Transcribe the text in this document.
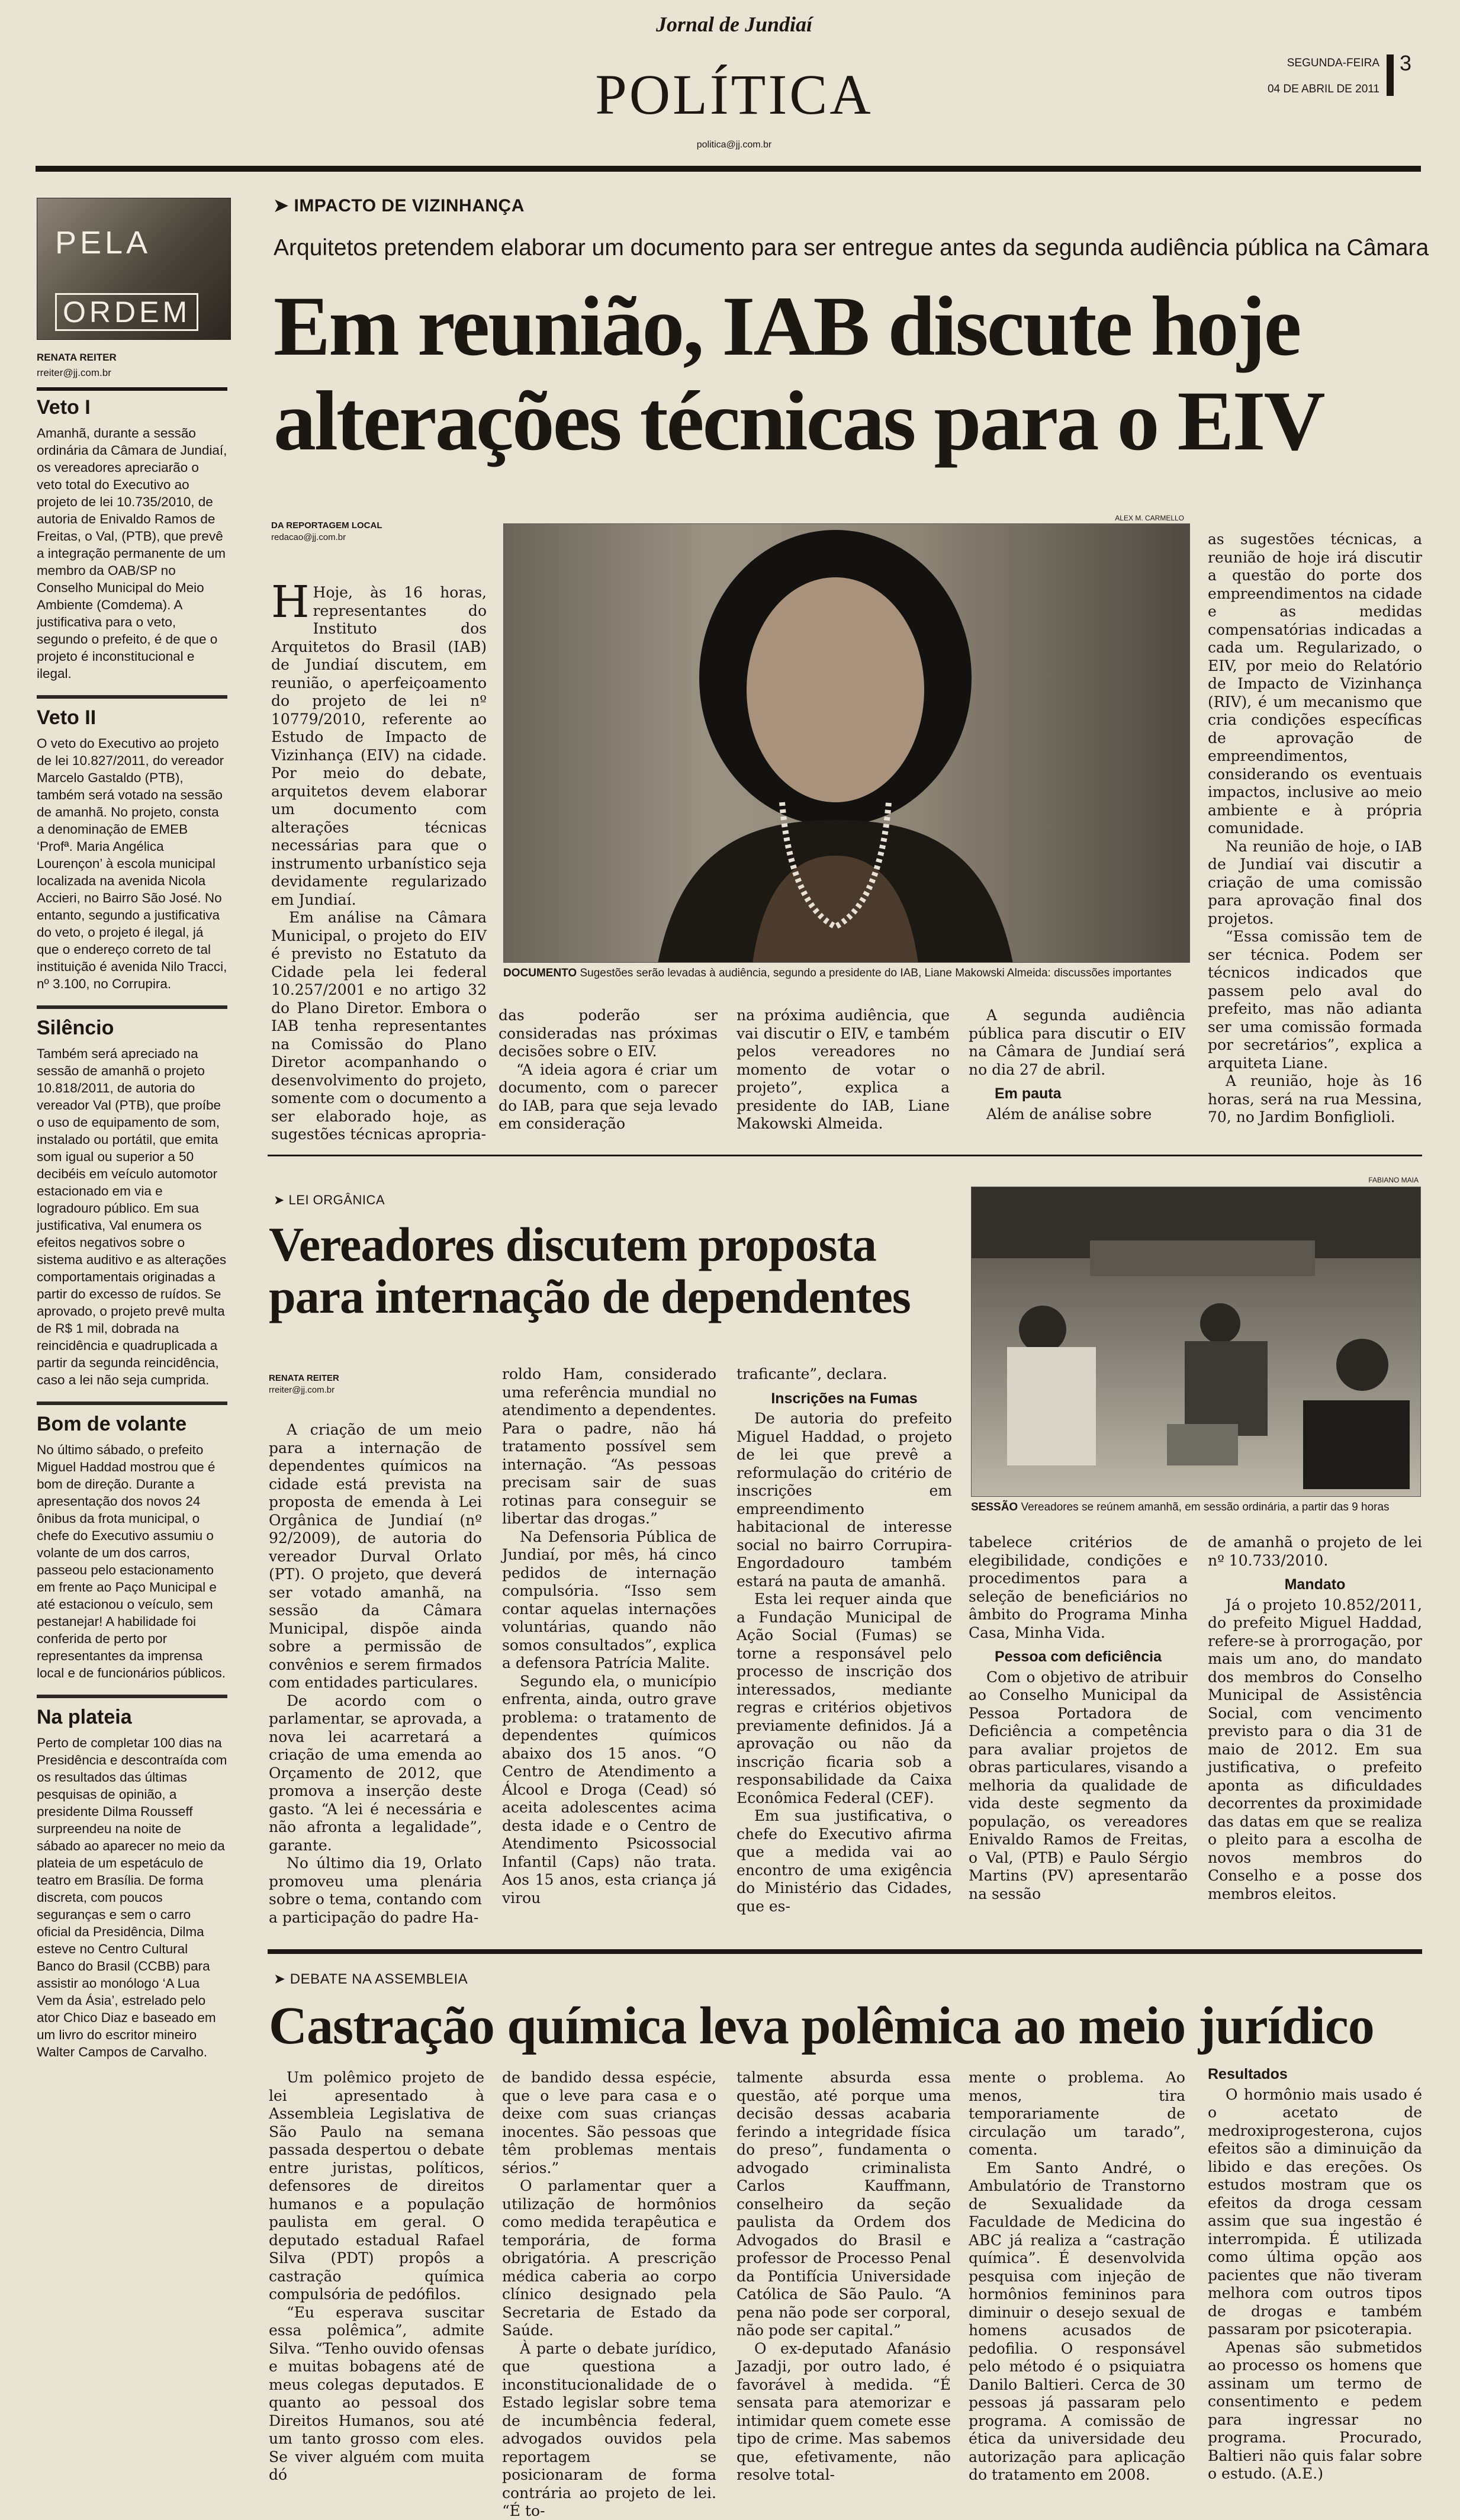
Jornal de Jundiaí
POLÍTICA
politica@jj.com.br
SEGUNDA-FEIRA
04 DE ABRIL DE 2011
3
PELA
ORDEM
RENATA REITER
rreiter@jj.com.br
Veto I
Amanhã, durante a sessão ordinária da Câmara de Jundiaí, os vereadores apreciarão o veto total do Executivo ao projeto de lei 10.735/2010, de autoria de Enivaldo Ramos de Freitas, o Val, (PTB), que prevê a integração permanente de um membro da OAB/SP no Conselho Municipal do Meio Ambiente (Comdema). A justificativa para o veto, segundo o prefeito, é de que o projeto é inconstitucional e ilegal.
Veto II
O veto do Executivo ao projeto de lei 10.827/2011, do vereador Marcelo Gastaldo (PTB), também será votado na sessão de amanhã. No projeto, consta a denominação de EMEB ‘Profª. Maria Angélica Lourençon’ à escola municipal localizada na avenida Nicola Accieri, no Bairro São José. No entanto, segundo a justificativa do veto, o projeto é ilegal, já que o endereço correto de tal instituição é avenida Nilo Tracci, nº 3.100, no Corrupira.
Silêncio
Também será apreciado na sessão de amanhã o projeto 10.818/2011, de autoria do vereador Val (PTB), que proíbe o uso de equipamento de som, instalado ou portátil, que emita som igual ou superior a 50 decibéis em veículo automotor estacionado em via e logradouro público. Em sua justificativa, Val enumera os efeitos negativos sobre o sistema auditivo e as alterações comportamentais originadas a partir do excesso de ruídos. Se aprovado, o projeto prevê multa de R$ 1 mil, dobrada na reincidência e quadruplicada a partir da segunda reincidência, caso a lei não seja cumprida.
Bom de volante
No último sábado, o prefeito Miguel Haddad mostrou que é bom de direção. Durante a apresentação dos novos 24 ônibus da frota municipal, o chefe do Executivo assumiu o volante de um dos carros, passeou pelo estacionamento em frente ao Paço Municipal e até estacionou o veículo, sem pestanejar! A habilidade foi conferida de perto por representantes da imprensa local e de funcionários públicos.
Na plateia
Perto de completar 100 dias na Presidência e descontraída com os resultados das últimas pesquisas de opinião, a presidente Dilma Rousseff surpreendeu na noite de sábado ao aparecer no meio da plateia de um espetáculo de teatro em Brasília. De forma discreta, com poucos seguranças e sem o carro oficial da Presidência, Dilma esteve no Centro Cultural Banco do Brasil (CCBB) para assistir ao monólogo ‘A Lua Vem da Ásia’, estrelado pelo ator Chico Diaz e baseado em um livro do escritor mineiro Walter Campos de Carvalho.
➤ IMPACTO DE VIZINHANÇA
Arquitetos pretendem elaborar um documento para ser entregue antes da segunda audiência pública na Câmara
Em reunião, IAB discute hoje
alterações técnicas para o EIV
DA REPORTAGEM LOCAL
redacao@jj.com.br
ALEX M. CARMELLO
DOCUMENTO Sugestões serão levadas à audiência, segundo a presidente do IAB, Liane Makowski Almeida: discussões importantes
H Hoje, às 16 horas, representantes do Instituto dos Arquitetos do Brasil (IAB) de Jundiaí discutem, em reunião, o aperfeiçoamento do projeto de lei nº 10779/2010, referente ao Estudo de Impacto de Vizinhança (EIV) na cidade. Por meio do debate, arquitetos devem elaborar um documento com alterações técnicas necessárias para que o instrumento urbanístico seja devidamente regularizado em Jundiaí.
Em análise na Câmara Municipal, o projeto do EIV é previsto no Estatuto da Cidade pela lei federal 10.257/2001 e no artigo 32 do Plano Diretor. Embora o IAB tenha representantes na Comissão do Plano Diretor acompanhando o desenvolvimento do projeto, somente com o documento a ser elaborado hoje, as sugestões técnicas apropria-
das poderão ser consideradas nas próximas decisões sobre o EIV.
“A ideia agora é criar um documento, com o parecer do IAB, para que seja levado em consideração
na próxima audiência, que vai discutir o EIV, e também pelos vereadores no momento de votar o projeto”, explica a presidente do IAB, Liane Makowski Almeida.
A segunda audiência pública para discutir o EIV na Câmara de Jundiaí será no dia 27 de abril.
Em pauta
Além de análise sobre
as sugestões técnicas, a reunião de hoje irá discutir a questão do porte dos empreendimentos na cidade e as medidas compensatórias indicadas a cada um. Regularizado, o EIV, por meio do Relatório de Impacto de Vizinhança (RIV), é um mecanismo que cria condições específicas de aprovação de empreendimentos, considerando os eventuais impactos, inclusive ao meio ambiente e à própria comunidade.
Na reunião de hoje, o IAB de Jundiaí vai discutir a criação de uma comissão para aprovação final dos projetos.
“Essa comissão tem de ser técnica. Podem ser técnicos indicados que passem pelo aval do prefeito, mas não adianta ser uma comissão formada por secretários”, explica a arquiteta Liane.
A reunião, hoje às 16 horas, será na rua Messina, 70, no Jardim Bonfiglioli.
➤ LEI ORGÂNICA
Vereadores discutem proposta
para internação de dependentes
RENATA REITER
rreiter@jj.com.br
FABIANO MAIA
SESSÃO Vereadores se reúnem amanhã, em sessão ordinária, a partir das 9 horas
A criação de um meio para a internação de dependentes químicos na cidade está prevista na proposta de emenda à Lei Orgânica de Jundiaí (nº 92/2009), de autoria do vereador Durval Orlato (PT). O projeto, que deverá ser votado amanhã, na sessão da Câmara Municipal, dispõe ainda sobre a permissão de convênios e serem firmados com entidades particulares.
De acordo com o parlamentar, se aprovada, a nova lei acarretará a criação de uma emenda ao Orçamento de 2012, que promova a inserção deste gasto. “A lei é necessária e não afronta a legalidade”, garante.
No último dia 19, Orlato promoveu uma plenária sobre o tema, contando com a participação do padre Ha-
roldo Ham, considerado uma referência mundial no atendimento a dependentes. Para o padre, não há tratamento possível sem internação. “As pessoas precisam sair de suas rotinas para conseguir se libertar das drogas.”
Na Defensoria Pública de Jundiaí, por mês, há cinco pedidos de internação compulsória. “Isso sem contar aquelas internações voluntárias, quando não somos consultados”, explica a defensora Patrícia Malite.
Segundo ela, o município enfrenta, ainda, outro grave problema: o tratamento de dependentes químicos abaixo dos 15 anos. “O Centro de Atendimento a Álcool e Droga (Cead) só aceita adolescentes acima desta idade e o Centro de Atendimento Psicossocial Infantil (Caps) não trata. Aos 15 anos, esta criança já virou
traficante”, declara.
Inscrições na Fumas
De autoria do prefeito Miguel Haddad, o projeto de lei que prevê a reformulação do critério de inscrições em empreendimento habitacional de interesse social no bairro Corrupira-Engordadouro também estará na pauta de amanhã.
Esta lei requer ainda que a Fundação Municipal de Ação Social (Fumas) se torne a responsável pelo processo de inscrição dos interessados, mediante regras e critérios objetivos previamente definidos. Já a aprovação ou não da inscrição ficaria sob a responsabilidade da Caixa Econômica Federal (CEF).
Em sua justificativa, o chefe do Executivo afirma que a medida vai ao encontro de uma exigência do Ministério das Cidades, que es-
tabelece critérios de elegibilidade, condições e procedimentos para a seleção de beneficiários no âmbito do Programa Minha Casa, Minha Vida.
Pessoa com deficiência
Com o objetivo de atribuir ao Conselho Municipal da Pessoa Portadora de Deficiência a competência para avaliar projetos de obras particulares, visando a melhoria da qualidade de vida deste segmento da população, os vereadores Enivaldo Ramos de Freitas, o Val, (PTB) e Paulo Sérgio Martins (PV) apresentarão na sessão
de amanhã o projeto de lei nº 10.733/2010.
Mandato
Já o projeto 10.852/2011, do prefeito Miguel Haddad, refere-se à prorrogação, por mais um ano, do mandato dos membros do Conselho Municipal de Assistência Social, com vencimento previsto para o dia 31 de maio de 2012. Em sua justificativa, o prefeito aponta as dificuldades decorrentes da proximidade das datas em que se realiza o pleito para a escolha de novos membros do Conselho e a posse dos membros eleitos.
➤ DEBATE NA ASSEMBLEIA
Castração química leva polêmica ao meio jurídico
Um polêmico projeto de lei apresentado à Assembleia Legislativa de São Paulo na semana passada despertou o debate entre juristas, políticos, defensores de direitos humanos e a população paulista em geral. O deputado estadual Rafael Silva (PDT) propôs a castração química compulsória de pedófilos.
“Eu esperava suscitar essa polêmica”, admite Silva. “Tenho ouvido ofensas e muitas bobagens até de meus colegas deputados. E quanto ao pessoal dos Direitos Humanos, sou até um tanto grosso com eles. Se viver alguém com muita dó
de bandido dessa espécie, que o leve para casa e o deixe com suas crianças inocentes. São pessoas que têm problemas mentais sérios.”
O parlamentar quer a utilização de hormônios como medida terapêutica e temporária, de forma obrigatória. A prescrição médica caberia ao corpo clínico designado pela Secretaria de Estado da Saúde.
À parte o debate jurídico, que questiona a inconstitucionalidade de o Estado legislar sobre tema de incumbência federal, advogados ouvidos pela reportagem se posicionaram de forma contrária ao projeto de lei. “É to-
talmente absurda essa questão, até porque uma decisão dessas acabaria ferindo a integridade física do preso”, fundamenta o advogado criminalista Carlos Kauffmann, conselheiro da seção paulista da Ordem dos Advogados do Brasil e professor de Processo Penal da Pontifícia Universidade Católica de São Paulo. “A pena não pode ser corporal, não pode ser capital.”
O ex-deputado Afanásio Jazadji, por outro lado, é favorável à medida. “É sensata para atemorizar e intimidar quem comete esse tipo de crime. Mas sabemos que, efetivamente, não resolve total-
mente o problema. Ao menos, tira temporariamente de circulação um tarado”, comenta.
Em Santo André, o Ambulatório de Transtorno de Sexualidade da Faculdade de Medicina do ABC já realiza a “castração química”. É desenvolvida pesquisa com injeção de hormônios femininos para diminuir o desejo sexual de homens acusados de pedofilia. O responsável pelo método é o psiquiatra Danilo Baltieri. Cerca de 30 pessoas já passaram pelo programa. A comissão de ética da universidade deu autorização para aplicação do tratamento em 2008.
Resultados
O hormônio mais usado é o acetato de medroxiprogesterona, cujos efeitos são a diminuição da libido e das ereções. Os estudos mostram que os efeitos da droga cessam assim que sua ingestão é interrompida. É utilizada como última opção aos pacientes que não tiveram melhora com outros tipos de drogas e também passaram por psicoterapia.
Apenas são submetidos ao processo os homens que assinam um termo de consentimento e pedem para ingressar no programa. Procurado, Baltieri não quis falar sobre o estudo. (A.E.)
